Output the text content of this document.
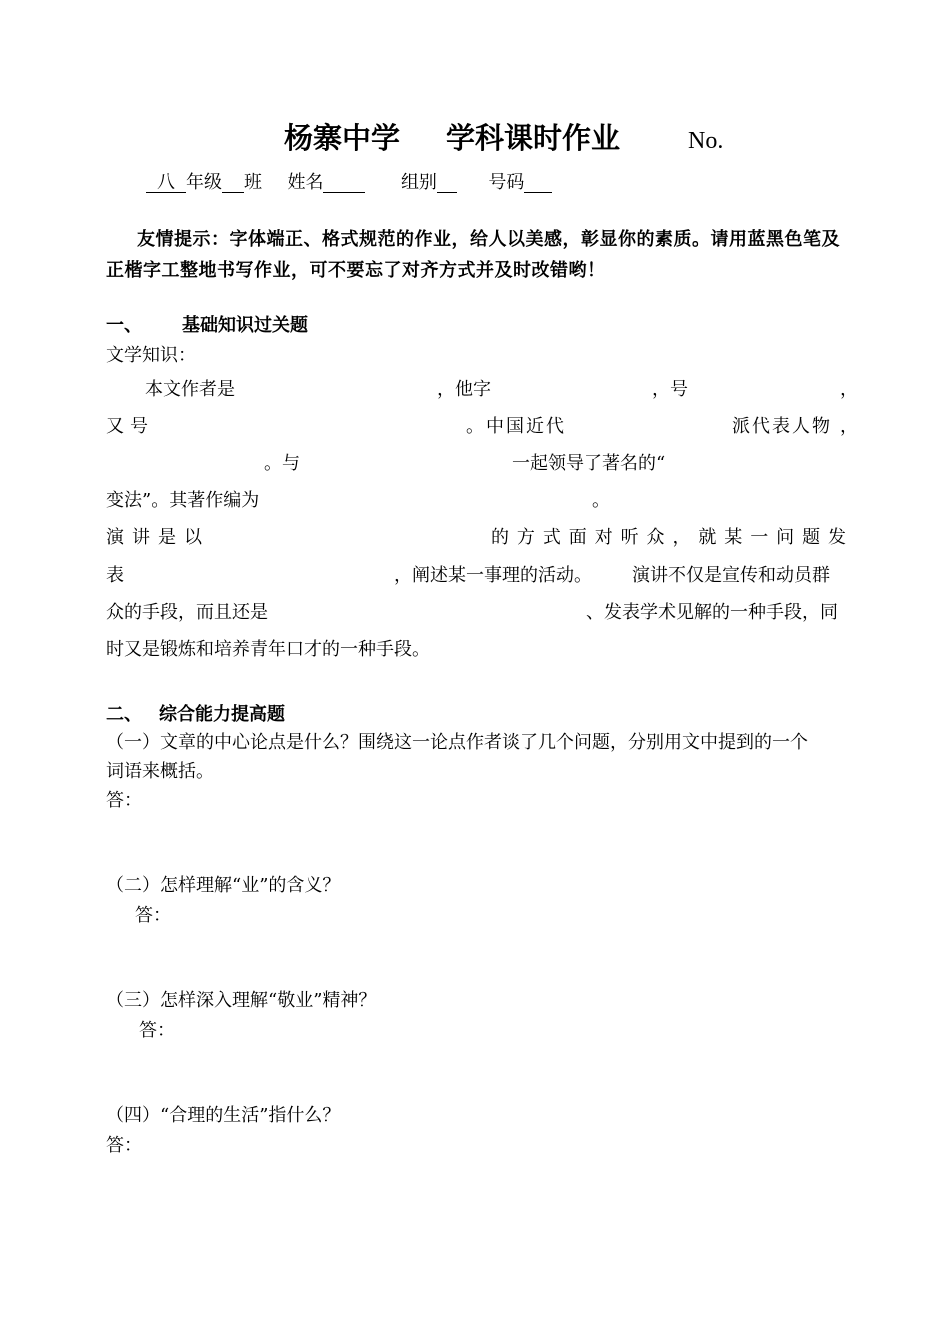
杨寨中学 学科课时作业	No.
八 年级 班 姓名	组别	号码
友情提示：字体端正、格式规范的作业，给人以美感，彰显你的素质。请用蓝黑色笔及
正楷字工整地书写作业，可不要忘了对齐方式并及时改错哟！
一、 基础知识过关题
文学知识：
本文作者是	，他字	，号	，
又号	。中国近代	派代表人物 ，
。与	一起领导了著名的“
变法”。其著作编为	。
演 讲 是 以	的 方 式 面 对 听 众 ， 就 某 一 问 题 发
表	，阐述某一事理的活动。 演讲不仅是宣传和动员群
众的手段，而且还是	、发表学术见解的一种手段，同
时又是锻炼和培养青年口才的一种手段。
二、 综合能力提高题
（一）文章的中心论点是什么？围绕这一论点作者谈了几个问题，分别用文中提到的一个
词语来概括。
答：
（二）怎样理解“业”的含义？
答：
（三）怎样深入理解“敬业”精神？
答：
（四）“合理的生活”指什么？
答：
